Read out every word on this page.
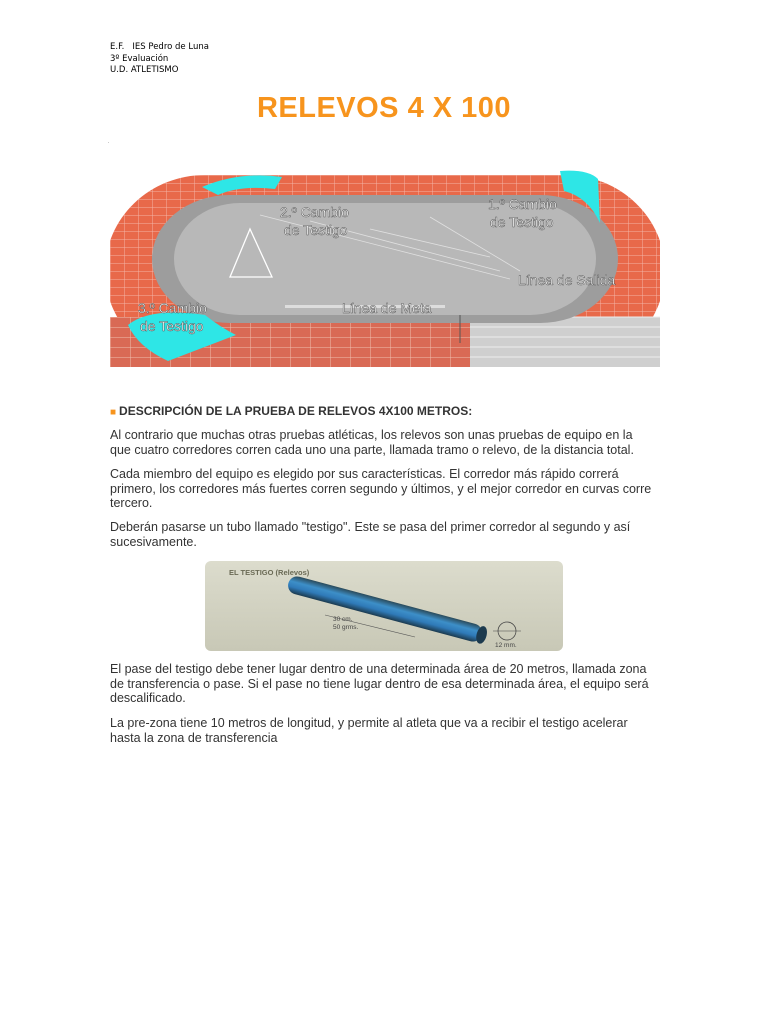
E.F.   IES Pedro de Luna
3º Evaluación
U.D. ATLETISMO
RELEVOS 4 X 100
2.º Cambio
de Testigo
1.º Cambio
de Testigo
3.º Cambio
de Testigo
Línea de Meta
Línea de Salida
■ DESCRIPCIÓN DE LA PRUEBA DE RELEVOS 4X100 METROS:

Al contrario que muchas otras pruebas atléticas, los relevos son unas pruebas de equipo en la que cuatro corredores corren cada uno una parte, llamada tramo o relevo, de la distancia total.

Cada miembro del equipo es elegido por sus características. El corredor más rápido correrá primero, los corredores más fuertes corren segundo y últimos, y el mejor corredor en curvas corre tercero.

Deberán pasarse un tubo llamado "testigo". Este se pasa del primer corredor al segundo y así sucesivamente.

EL TESTIGO (Relevos)
30 cm.
50 grms.
12 mm.

El pase del testigo debe tener lugar dentro de una determinada área de 20 metros, llamada zona de transferencia o pase. Si el pase no tiene lugar dentro de esa determinada área, el equipo será descalificado.

La pre-zona tiene 10 metros de longitud, y permite al atleta que va a recibir el testigo acelerar hasta la zona de transferencia
